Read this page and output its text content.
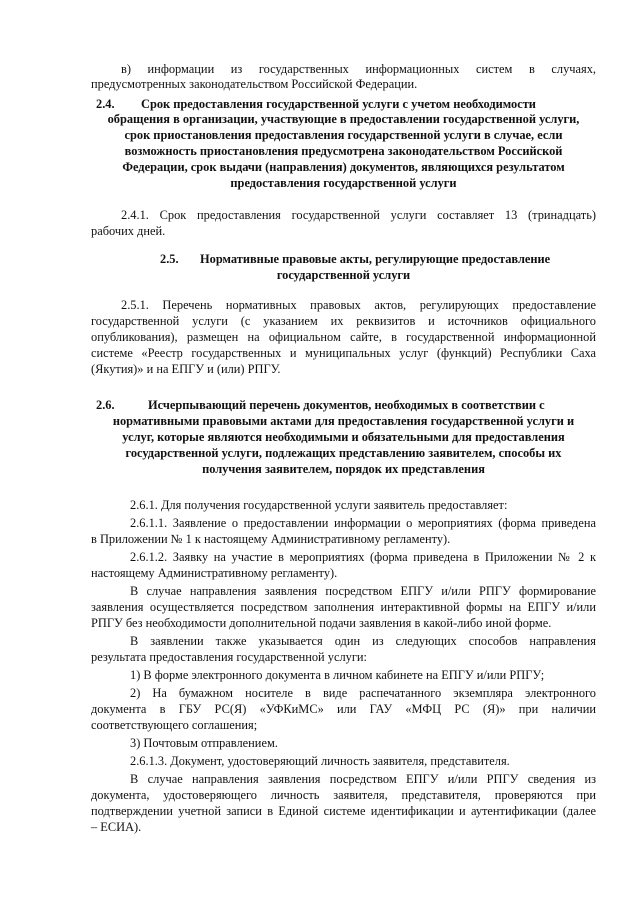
в) информации из государственных информационных систем в случаях,
предусмотренных законодательством Российской Федерации.
2.4. Срок предоставления государственной услуги с учетом необходимости
обращения в организации, участвующие в предоставлении государственной услуги,
срок приостановления предоставления государственной услуги в случае, если
возможность приостановления предусмотрена законодательством Российской
Федерации, срок выдачи (направления) документов, являющихся результатом
предоставления государственной услуги
2.4.1. Срок предоставления государственной услуги составляет 13 (тринадцать)
рабочих дней.
2.5. Нормативные правовые акты, регулирующие предоставление
государственной услуги
2.5.1. Перечень нормативных правовых актов, регулирующих предоставление
государственной услуги (с указанием их реквизитов и источников официального
опубликования), размещен на официальном сайте, в государственной информационной
системе «Реестр государственных и муниципальных услуг (функций) Республики Саха
(Якутия)» и на ЕПГУ и (или) РПГУ.
2.6.	Исчерпывающий перечень документов, необходимых в соответствии с
нормативными правовыми актами для предоставления государственной услуги и
услуг, которые являются необходимыми и обязательными для предоставления
государственной услуги, подлежащих представлению заявителем, способы их
получения заявителем, порядок их представления
2.6.1. Для получения государственной услуги заявитель предоставляет:
2.6.1.1. Заявление о предоставлении информации о мероприятиях (форма приведена
в Приложении № 1 к настоящему Административному регламенту).
2.6.1.2. Заявку на участие в мероприятиях (форма приведена в Приложении № 2 к
настоящему Административному регламенту).
В случае направления заявления посредством ЕПГУ и/или РПГУ формирование
заявления осуществляется посредством заполнения интерактивной формы на ЕПГУ и/или
РПГУ без необходимости дополнительной подачи заявления в какой-либо иной форме.
В заявлении также указывается один из следующих способов направления
результата предоставления государственной услуги:
1) В форме электронного документа в личном кабинете на ЕПГУ и/или РПГУ;
2) На бумажном носителе в виде распечатанного экземпляра электронного
документа в ГБУ РС(Я) «УФКиМС» или ГАУ «МФЦ РС (Я)» при наличии
соответствующего соглашения;
3) Почтовым отправлением.
2.6.1.3. Документ, удостоверяющий личность заявителя, представителя.
В случае направления заявления посредством ЕПГУ и/или РПГУ сведения из
документа, удостоверяющего личность заявителя, представителя, проверяются при
подтверждении учетной записи в Единой системе идентификации и аутентификации (далее
– ЕСИА).
